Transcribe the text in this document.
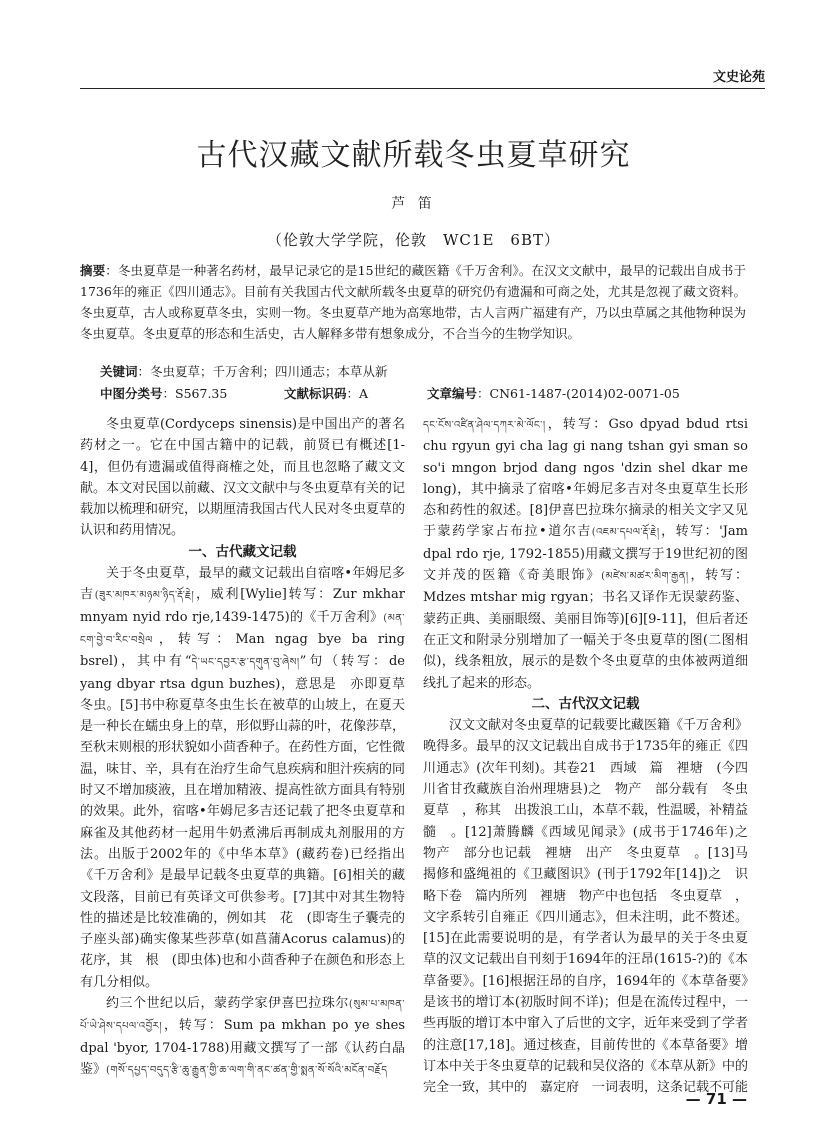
文史论苑
古代汉藏文献所载冬虫夏草研究
芦 笛
（伦敦大学学院，伦敦　WC1E　6BT）
摘要：冬虫夏草是一种著名药材，最早记录它的是15世纪的藏医籍《千万舍利》。在汉文文献中，最早的记载出自成书于1736年的雍正《四川通志》。目前有关我国古代文献所载冬虫夏草的研究仍有遗漏和可商之处，尤其是忽视了藏文资料。冬虫夏草，古人或称夏草冬虫，实则一物。冬虫夏草产地为高寒地带，古人言两广福建有产，乃以虫草属之其他物种误为冬虫夏草。冬虫夏草的形态和生活史，古人解释多带有想象成分，不合当今的生物学知识。
关键词：冬虫夏草；千万舍利；四川通志；本草从新
中图分类号：S567.35	文献标识码：A	文章编号：CN61-1487-(2014)02-0071-05

冬虫夏草(Cordyceps sinensis)是中国出产的著名药材之一。它在中国古籍中的记载，前贤已有概述[1-4]，但仍有遗漏或值得商榷之处，而且也忽略了藏文文献。本文对民国以前藏、汉文文献中与冬虫夏草有关的记载加以梳理和研究，以期厘清我国古代人民对冬虫夏草的认识和药用情况。

一、古代藏文记载

关于冬虫夏草，最早的藏文记载出自宿喀•年姆尼多吉(ཟུར་མཁར་མཉམ་ཉིད་རྡོ་རྗེ།，威利[Wylie]转写：Zur mkhar mnyam nyid rdo rje,1439-1475)的《千万舍利》(མན་ངག་བྱེ་བ་རིང་བསྲེལ，转写：Man ngag bye ba ring bsrel)，其中有“དེ་ཡང་དབྱར་རྩ་དགུན་བུ་ཞེས།”句（转写：de yang dbyar rtsa dgun buzhes)，意思是　亦即夏草冬虫。[5]书中称夏草冬虫生长在被草的山坡上，在夏天是一种长在蠕虫身上的草，形似野山蒜的叶，花像莎草，至秋末则根的形状貌如小茴香种子。在药性方面，它性微温，味甘、辛，具有在治疗生命气息疾病和胆汁疾病的同时又不增加痰液，且在增加精液、提高性欲方面具有特别的效果。此外，宿喀•年姆尼多吉还记载了把冬虫夏草和麻雀及其他药材一起用牛奶煮沸后再制成丸剂服用的方法。出版于2002年的《中华本草》(藏药卷)已经指出《千万舍利》是最早记载冬虫夏草的典籍。[6]相关的藏文段落，目前已有英译文可供参考。[7]其中对其生物特性的描述是比较准确的，例如其　花　(即寄生子囊壳的子座头部)确实像某些莎草(如菖蒲Acorus calamus)的花序，其　根　(即虫体)也和小茴香种子在颜色和形态上有几分相似。

约三个世纪以后，蒙药学家伊喜巴拉珠尔(སུམ་པ་མཁན་པོ་ཡེ་ཤེས་དཔལ་འབྱོར།，转写：Sum pa mkhan po ye shes dpal 'byor, 1704-1788)用藏文撰写了一部《认药白晶鉴》(གསོ་དཔྱད་བདུད་རྩི་ཆུ་རྒྱུན་གྱི་ཆ་ལག་གི་ནང་ཚན་གྱི་སྨན་སོ་སོའི་མངོན་བརྗོད

དང་ངོས་འཛིན་ཤེལ་དཀར་མེ་ལོང་།，转写：Gso dpyad bdud rtsi chu rgyun gyi cha lag gi nang tshan gyi sman so so'i mngon brjod dang ngos 'dzin shel dkar me long)，其中摘录了宿喀•年姆尼多吉对冬虫夏草生长形态和药性的叙述。[8]伊喜巴拉珠尔摘录的相关文字又见于蒙药学家占布拉•道尔吉(འཇམ་དཔལ་རྡོ་རྗེ།，转写：'Jam dpal rdo rje, 1792-1855)用藏文撰写于19世纪初的图文并茂的医籍《奇美眼饰》(མཛེས་མཚར་མིག་རྒྱན།，转写：Mdzes mtshar mig rgyan；书名又译作无误蒙药鉴、蒙药正典、美丽眼缀、美丽目饰等)[6][9-11]，但后者还在正文和附录分别增加了一幅关于冬虫夏草的图(二图相似)，线条粗放，展示的是数个冬虫夏草的虫体被两道细线扎了起来的形态。

二、古代汉文记载

汉文文献对冬虫夏草的记载要比藏医籍《千万舍利》晚得多。最早的汉文记载出自成书于1735年的雍正《四川通志》(次年刊刻)。其卷21　西域　篇　裡塘　(今四川省甘孜藏族自治州理塘县)之　物产　部分载有　冬虫夏草　，称其　出拨浪工山，本草不载，性温暖，补精益髓　。[12]萧腾麟《西域见闻录》(成书于1746年)之　物产　部分也记载　裡塘　出产　冬虫夏草　。[13]马揭修和盛绳祖的《卫藏图识》(刊于1792年[14])之　识略下卷　篇内所列　裡塘　物产中也包括　冬虫夏草　，文字系转引自雍正《四川通志》，但未注明，此不赘述。[15]在此需要说明的是，有学者认为最早的关于冬虫夏草的汉文记载出自刊刻于1694年的汪昂(1615-?)的《本草备要》。[16]根据汪昂的自序，1694年的《本草备要》是该书的增订本(初版时间不详)；但是在流传过程中，一些再版的增订本中窜入了后世的文字，近年来受到了学者的注意[17,18]。通过核查，目前传世的《本草备要》增订本中关于冬虫夏草的记载和吴仪洛的《本草从新》中的完全一致，其中的　嘉定府　一词表明，这条记载不可能

— 71 —
